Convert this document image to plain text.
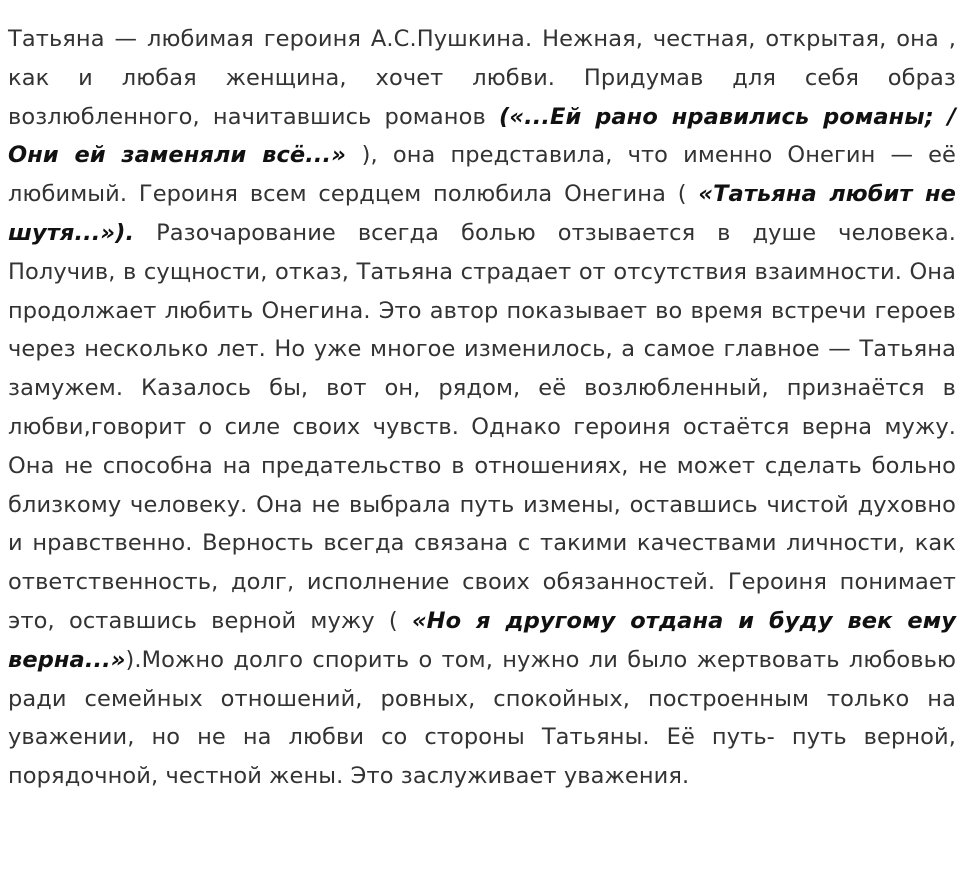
Татьяна — любимая героиня А.С.Пушкина. Нежная, честная, открытая, она , как и любая женщина, хочет любви. Придумав для себя образ возлюбленного, начитавшись романов («...Ей рано нравились романы; / Они ей заменяли всё...» ), она представила, что именно Онегин — её любимый. Героиня всем сердцем полюбила Онегина ( «Татьяна любит не шутя...»). Разочарование всегда болью отзывается в душе человека. Получив, в сущности, отказ, Татьяна страдает от отсутствия взаимности. Она продолжает любить Онегина. Это автор показывает во время встречи героев через несколько лет. Но уже многое изменилось, а самое главное — Татьяна замужем. Казалось бы, вот он, рядом, её возлюбленный, признаётся в любви,говорит о силе своих чувств. Однако героиня остаётся верна мужу. Она не способна на предательство в отношениях, не может сделать больно близкому человеку. Она не выбрала путь измены, оставшись чистой духовно и нравственно. Верность всегда связана с такими качествами личности, как ответственность, долг, исполнение своих обязанностей. Героиня понимает это, оставшись верной мужу ( «Но я другому отдана и буду век ему верна...»).Можно долго спорить о том, нужно ли было жертвовать любовью ради семейных отношений, ровных, спокойных, построенным только на уважении, но не на любви со стороны Татьяны. Её путь- путь верной, порядочной, честной жены. Это заслуживает уважения.
